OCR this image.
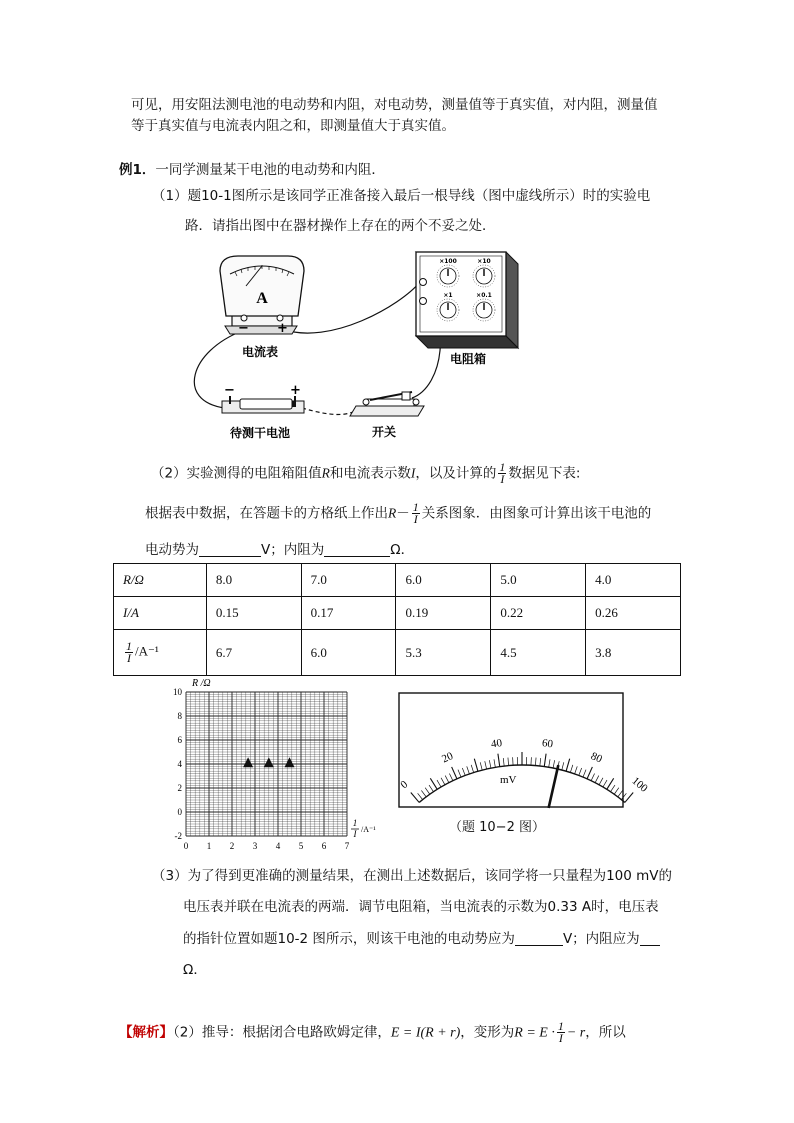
可见，用安阻法测电池的电动势和内阻，对电动势，测量值等于真实值，对内阻，测量值
等于真实值与电流表内阻之和，即测量值大于真实值。
例1．一同学测量某干电池的电动势和内阻．
（1）题10-1图所示是该同学正准备接入最后一根导线（图中虚线所示）时的实验电
路．请指出图中在器材操作上存在的两个不妥之处．
A
− +
电流表
×100	×10
×1	×0.1
电阻箱
−	+
待测干电池	开关
（2）实验测得的电阻箱阻值R和电流表示数I，以及计算的 $\frac{1}{I}$ 数据见下表:
根据表中数据，在答题卡的方格纸上作出$R- \frac{1}{I}$ 关系图象．由图象可计算出该干电池的
电动势为	V；内阻为	Ω．
R/Ω	8.0	7.0	6.0	5.0	4.0
I/A	0.15	0.17	0.19	0.22	0.26

$\frac{1}{I} /A^{-1}$	6.7	6.0	5.3	4.5	3.8
0 1 2 3 4 5 6 7
10
8
6
4
2
0
-2
R /Ω
1
I /A⁻¹
0
20
40	60
80
100
mV
（题 10−2 图）
（3）为了得到更准确的测量结果，在测出上述数据后，该同学将一只量程为100 mV的
电压表并联在电流表的两端．调节电阻箱，当电流表的示数为0.33 A时，电压表
的指针位置如题10-2 图所示，则该干电池的电动势应为	V；内阻应为
Ω．
【解析】（2）推导：根据闭合电路欧姆定律，E = I(R + r)，变形为$R = E \cdot \frac{1}{I} - r$，所以
